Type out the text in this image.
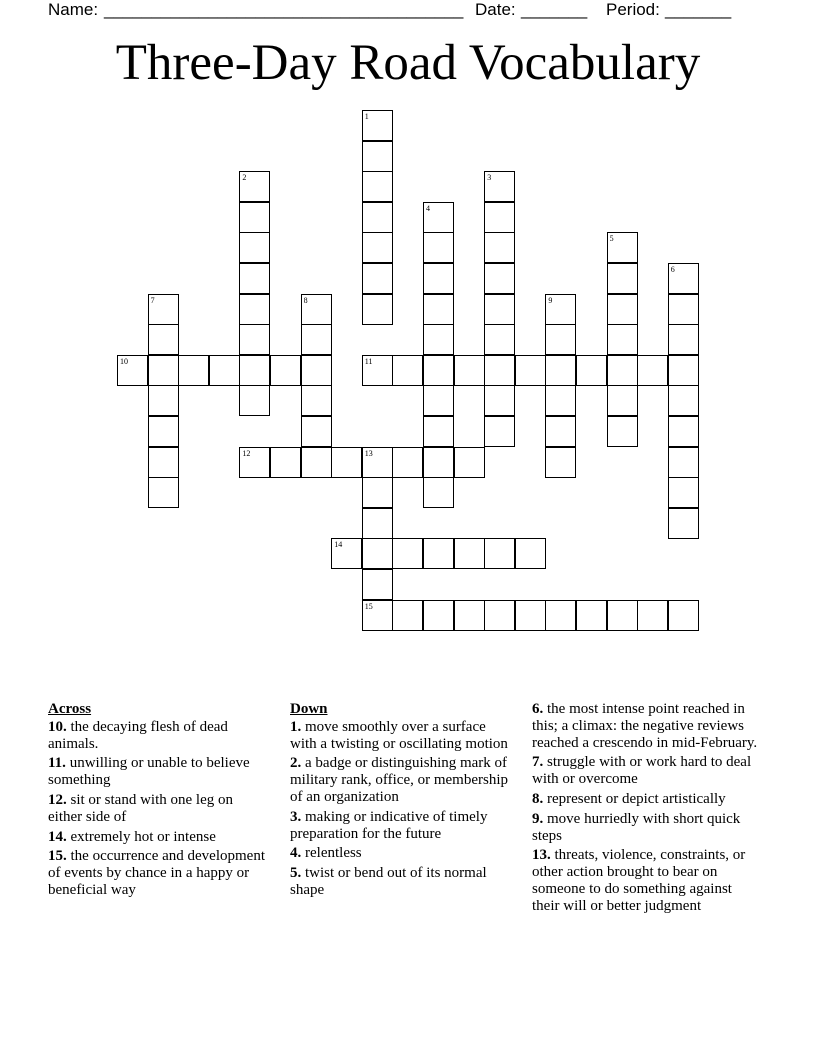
Name: ______________________________________ Date: _______ Period: _______
Three-Day Road Vocabulary
1
2	3
4
5
6
7	8	9
10	11
12	13
15
14
Across
10. the decaying flesh of dead animals.
11. unwilling or unable to believe something
12. sit or stand with one leg on either side of
14. extremely hot or intense
15. the occurrence and development of events by chance in a happy or beneficial way
Down
1. move smoothly over a surface with a twisting or oscillating motion
2. a badge or distinguishing mark of military rank, office, or membership of an organization
3. making or indicative of timely preparation for the future
4. relentless
5. twist or bend out of its normal shape
6. the most intense point reached in this; a climax: the negative reviews reached a crescendo in mid-February.
7. struggle with or work hard to deal with or overcome
8. represent or depict artistically
9. move hurriedly with short quick steps
13. threats, violence, constraints, or other action brought to bear on someone to do something against their will or better judgment
